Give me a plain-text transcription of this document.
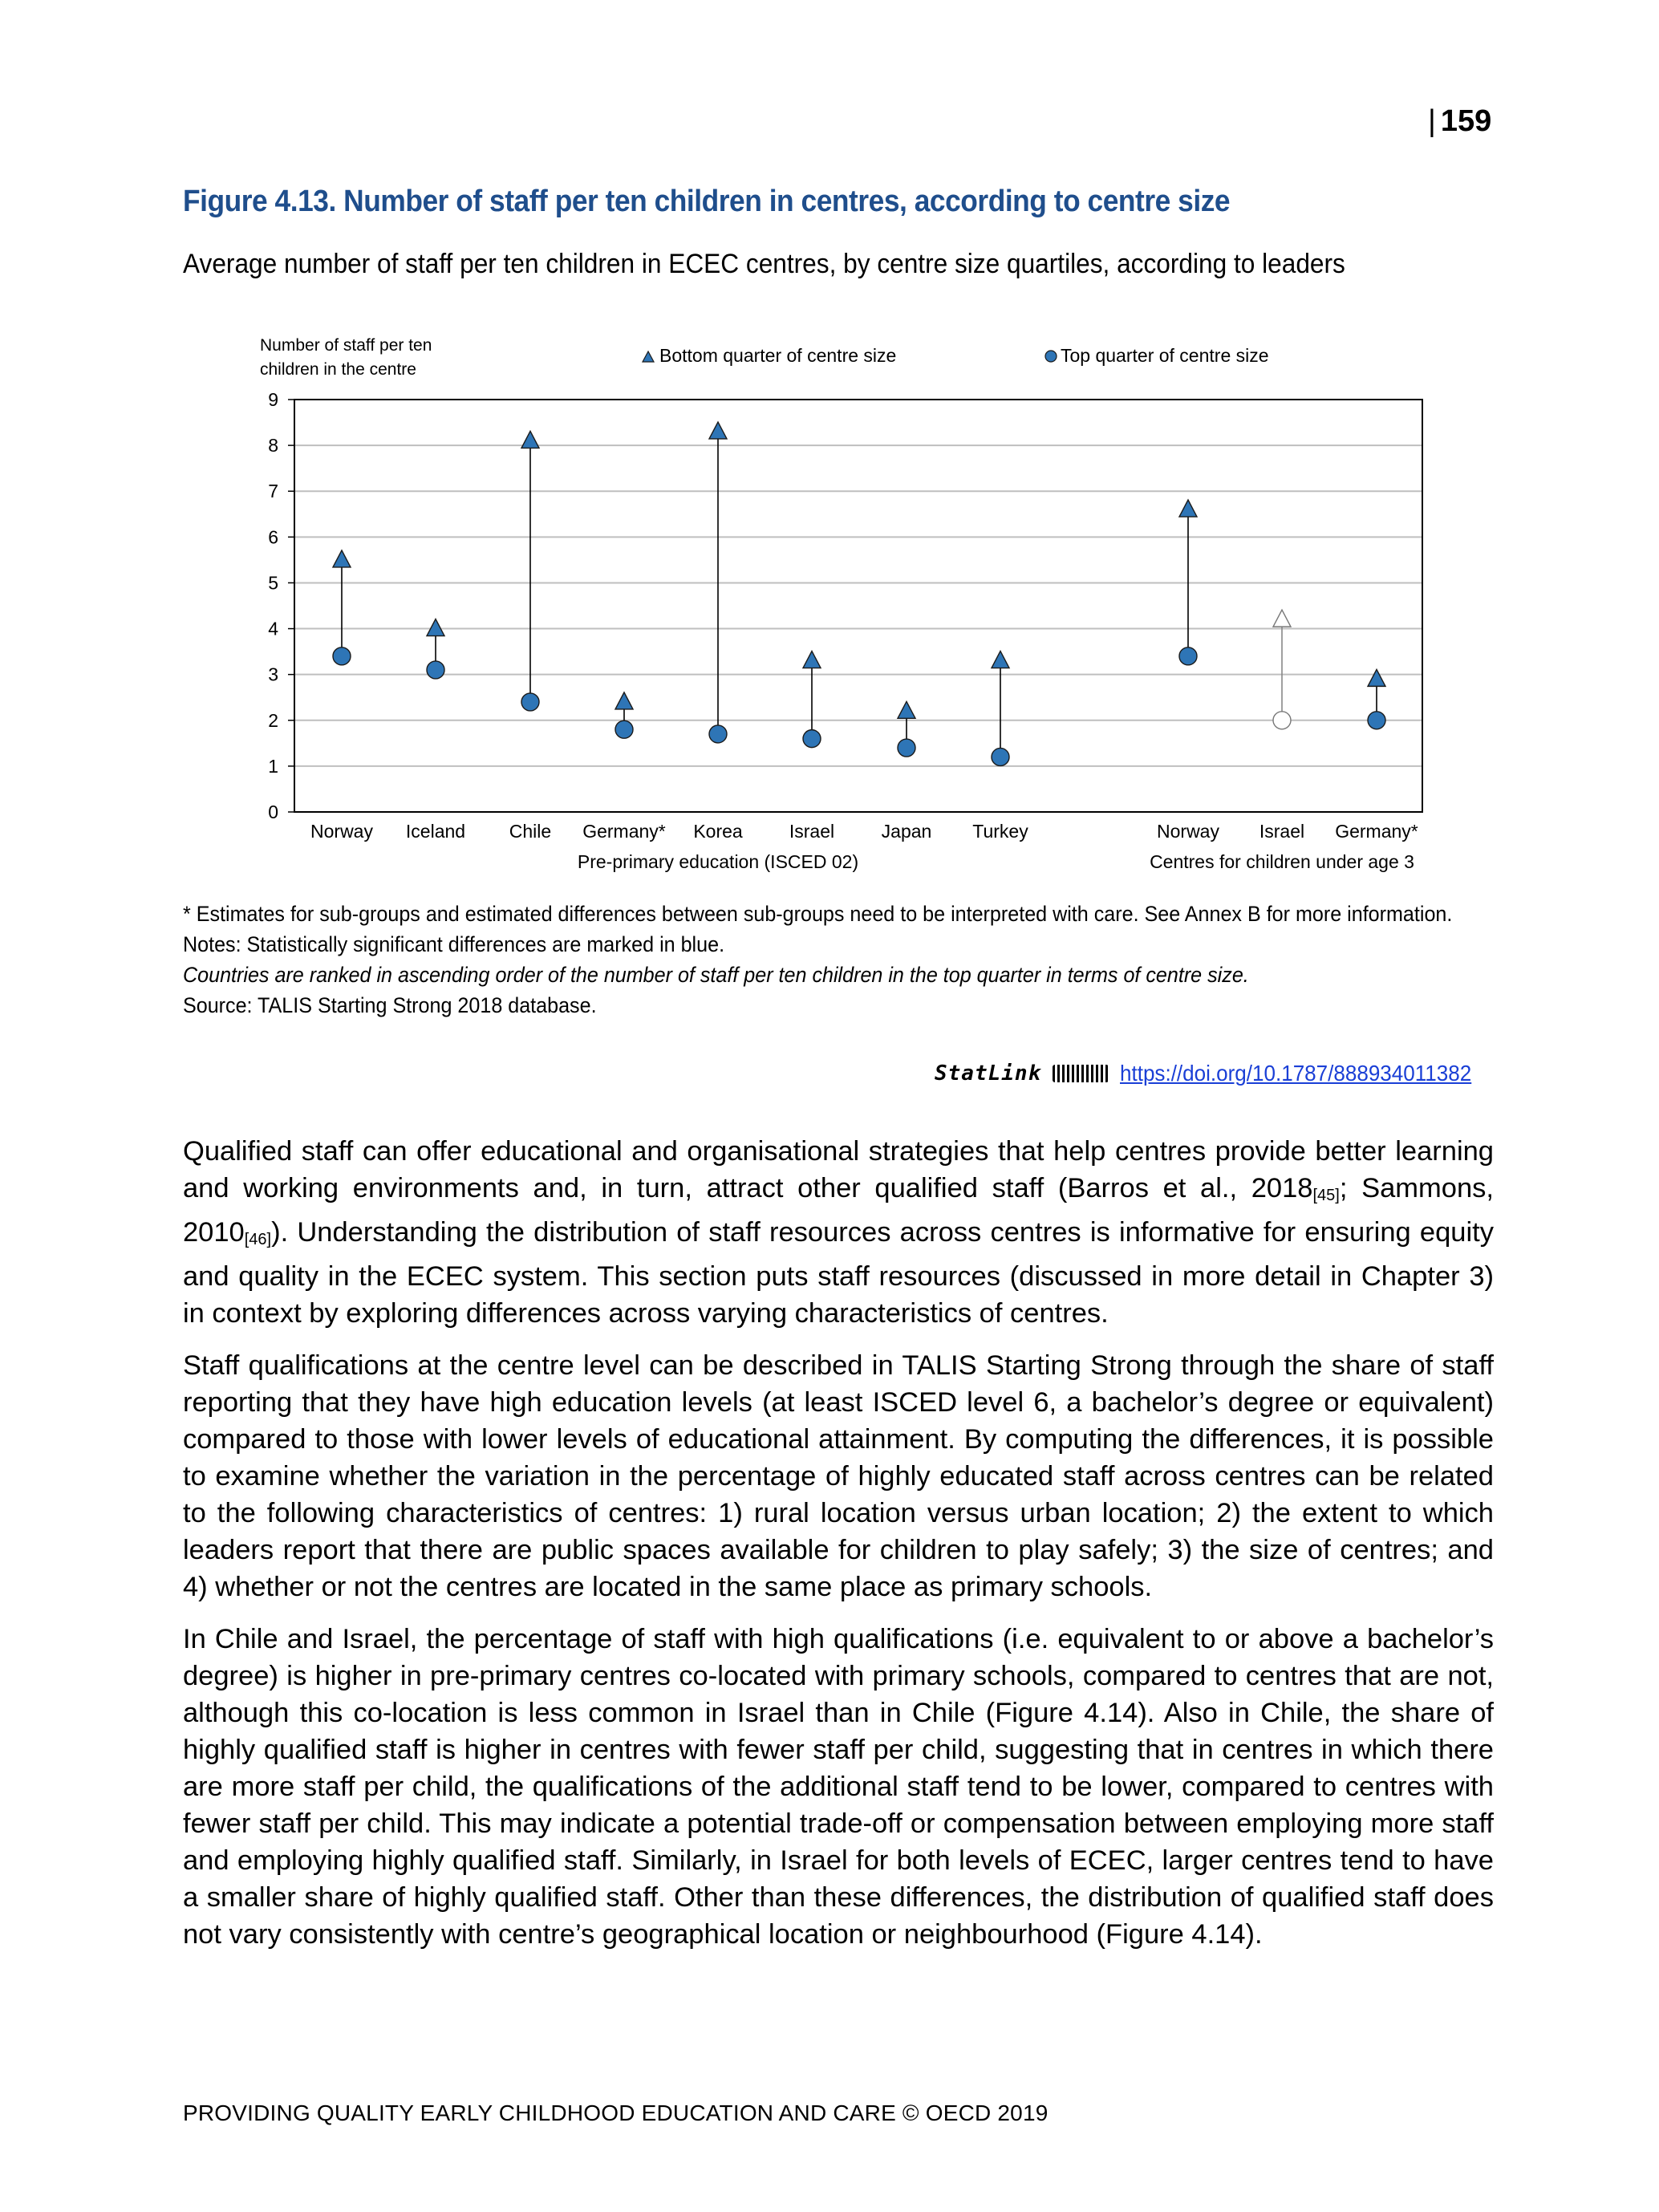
| 159
Figure 4.13. Number of staff per ten children in centres, according to centre size
Average number of staff per ten children in ECEC centres, by centre size quartiles, according to leaders
Number of staff per ten
children in the centre
Bottom quarter of centre size	Top quarter of centre size
0
1
2
3
4
5
6
7
8
9
Norway Iceland Chile Germany* Korea	Israel	Japan Turkey	Norway Israel Germany*
Pre-primary education (ISCED 02)	Centres for children under age 3
* Estimates for sub-groups and estimated differences between sub-groups need to be interpreted with care. See Annex B for more information.
Notes: Statistically significant differences are marked in blue.
Countries are ranked in ascending order of the number of staff per ten children in the top quarter in terms of centre size.
Source: TALIS Starting Strong 2018 database.
StatLink	https://doi.org/10.1787/888934011382

Qualified staff can offer educational and organisational strategies that help centres provide better learning and working environments and, in turn, attract other qualified staff (Barros et al., $2018_{[45]}$; Sammons, $2010_{[46]}$). Understanding the distribution of staff resources across centres is informative for ensuring equity and quality in the ECEC system. This section puts staff resources (discussed in more detail in Chapter 3) in context by exploring differences across varying characteristics of centres.

Staff qualifications at the centre level can be described in TALIS Starting Strong through the share of staff reporting that they have high education levels (at least ISCED level 6, a bachelor’s degree or equivalent) compared to those with lower levels of educational attainment. By computing the differences, it is possible to examine whether the variation in the percentage of highly educated staff across centres can be related to the following characteristics of centres: 1) rural location versus urban location; 2) the extent to which leaders report that there are public spaces available for children to play safely; 3) the size of centres; and 4) whether or not the centres are located in the same place as primary schools.

In Chile and Israel, the percentage of staff with high qualifications (i.e. equivalent to or above a bachelor’s degree) is higher in pre-primary centres co-located with primary schools, compared to centres that are not, although this co-location is less common in Israel than in Chile (Figure 4.14). Also in Chile, the share of highly qualified staff is higher in centres with fewer staff per child, suggesting that in centres in which there are more staff per child, the qualifications of the additional staff tend to be lower, compared to centres with fewer staff per child. This may indicate a potential trade-off or compensation between employing more staff and employing highly qualified staff. Similarly, in Israel for both levels of ECEC, larger centres tend to have a smaller share of highly qualified staff. Other than these differences, the distribution of qualified staff does not vary consistently with centre’s geographical location or neighbourhood (Figure 4.14).

PROVIDING QUALITY EARLY CHILDHOOD EDUCATION AND CARE © OECD 2019
